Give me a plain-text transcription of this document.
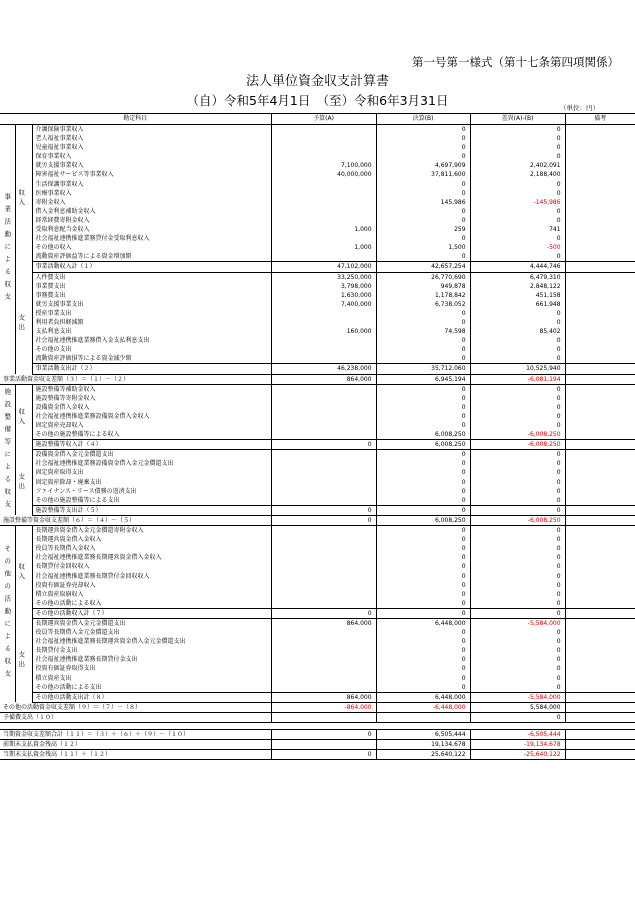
第一号第一様式（第十七条第四項関係）
法人単位資金収支計算書
（自）令和5年4月1日　（至）令和6年3月31日	（単位：円）
勘定科目				予算(A)	決算(B)	差異(A)-(B)	備考
事業活動による収支	収入		介護保険事業収入		0	0	
			老人福祉事業収入		0	0	
			児童福祉事業収入		0	0	
			保育事業収入		0	0	
			就労支援事業収入	7,100,000	4,697,909	2,402,091	
			障害福祉サービス等事業収入	40,000,000	37,811,600	2,188,400	
			生活保護事業収入		0	0	
			医療事業収入		0	0	
			寄附金収入		145,986	-145,986	
			借入金利息補助金収入		0	0	
			経常経費寄附金収入		0	0	
			受取利息配当金収入	1,000	259	741	
			社会福祉連携推進業務貸付金受取利息収入		0	0	
			その他の収入	1,000	1,500	-500	
			流動資産評価益等による資金増加額		0	0	
			事業活動収入計（１）	47,102,000	42,657,254	4,444,746	
	支出		人件費支出	33,250,000	26,770,690	6,479,310	
			事業費支出	3,798,000	949,878	2,848,122	
			事務費支出	1,630,000	1,178,842	451,158	
			就労支援事業支出	7,400,000	6,738,052	661,948	
			授産事業支出		0	0	
			利用者負担軽減額		0	0	
			支払利息支出	160,000	74,598	85,402	
			社会福祉連携推進業務借入金支払利息支出		0	0	
			その他の支出		0	0	
			流動資産評価損等による資金減少額		0	0	
			事業活動支出計（２）	46,238,000	35,712,060	10,525,940	
事業活動資金収支差額（３）＝（１）－（２）				864,000	6,945,194	-6,081,194	
施設整備等による収支	収入		施設整備等補助金収入		0	0	
			施設整備等寄附金収入		0	0	
			設備資金借入金収入		0	0	
			社会福祉連携推進業務設備資金借入金収入		0	0	
			固定資産売却収入		0	0	
			その他の施設整備等による収入		6,008,250	-6,008,250	
			施設整備等収入計（４）	0	6,008,250	-6,008,250	
	支出		設備資金借入金元金償還支出		0	0	
			社会福祉連携推進業務設備資金借入金元金償還支出		0	0	
			固定資産取得支出		0	0	
			固定資産除却・廃棄支出		0	0	
			ファイナンス・リース債務の返済支出		0	0	
			その他の施設整備等による支出		0	0	
			施設整備等支出計（５）	0	0	0	
施設整備等資金収支差額（６）＝（４）－（５）				0	6,008,250	-6,008,250	
その他の活動による収支	収入		長期運営資金借入金元金償還寄附金収入		0	0	
			長期運営資金借入金収入		0	0	
			役員等長期借入金収入		0	0	
			社会福祉連携推進業務長期運営資金借入金収入		0	0	
			長期貸付金回収収入		0	0	
			社会福祉連携推進業務長期貸付金回収収入		0	0	
			投資有価証券売却収入		0	0	
			積立資産取崩収入		0	0	
			その他の活動による収入		0	0	
			その他の活動収入計（７）	0	0	0	
	支出		長期運営資金借入金元金償還支出	864,000	6,448,000	-5,584,000	
			役員等長期借入金元金償還支出		0	0	
			社会福祉連携推進業務長期運営資金借入金元金償還支出		0	0	
			長期貸付金支出		0	0	
			社会福祉連携推進業務長期貸付金支出		0	0	
			投資有価証券取得支出		0	0	
			積立資産支出		0	0	
			その他の活動による支出		0	0	
			その他の活動支出計（８）	864,000	6,448,000	-5,584,000	
その他の活動資金収支差額（９）＝（７）－（８）				-864,000	-6,448,000	5,584,000	
予備費支出（１０）						0	

当期資金収支差額合計（１１）＝（３）＋（６）＋（９）－（１０）				0	6,505,444	-6,505,444	
前期末支払資金残高（１２）					19,134,678	-19,134,678	
当期末支払資金残高（１１）＋（１２）				0	25,640,122	-25,640,122	
